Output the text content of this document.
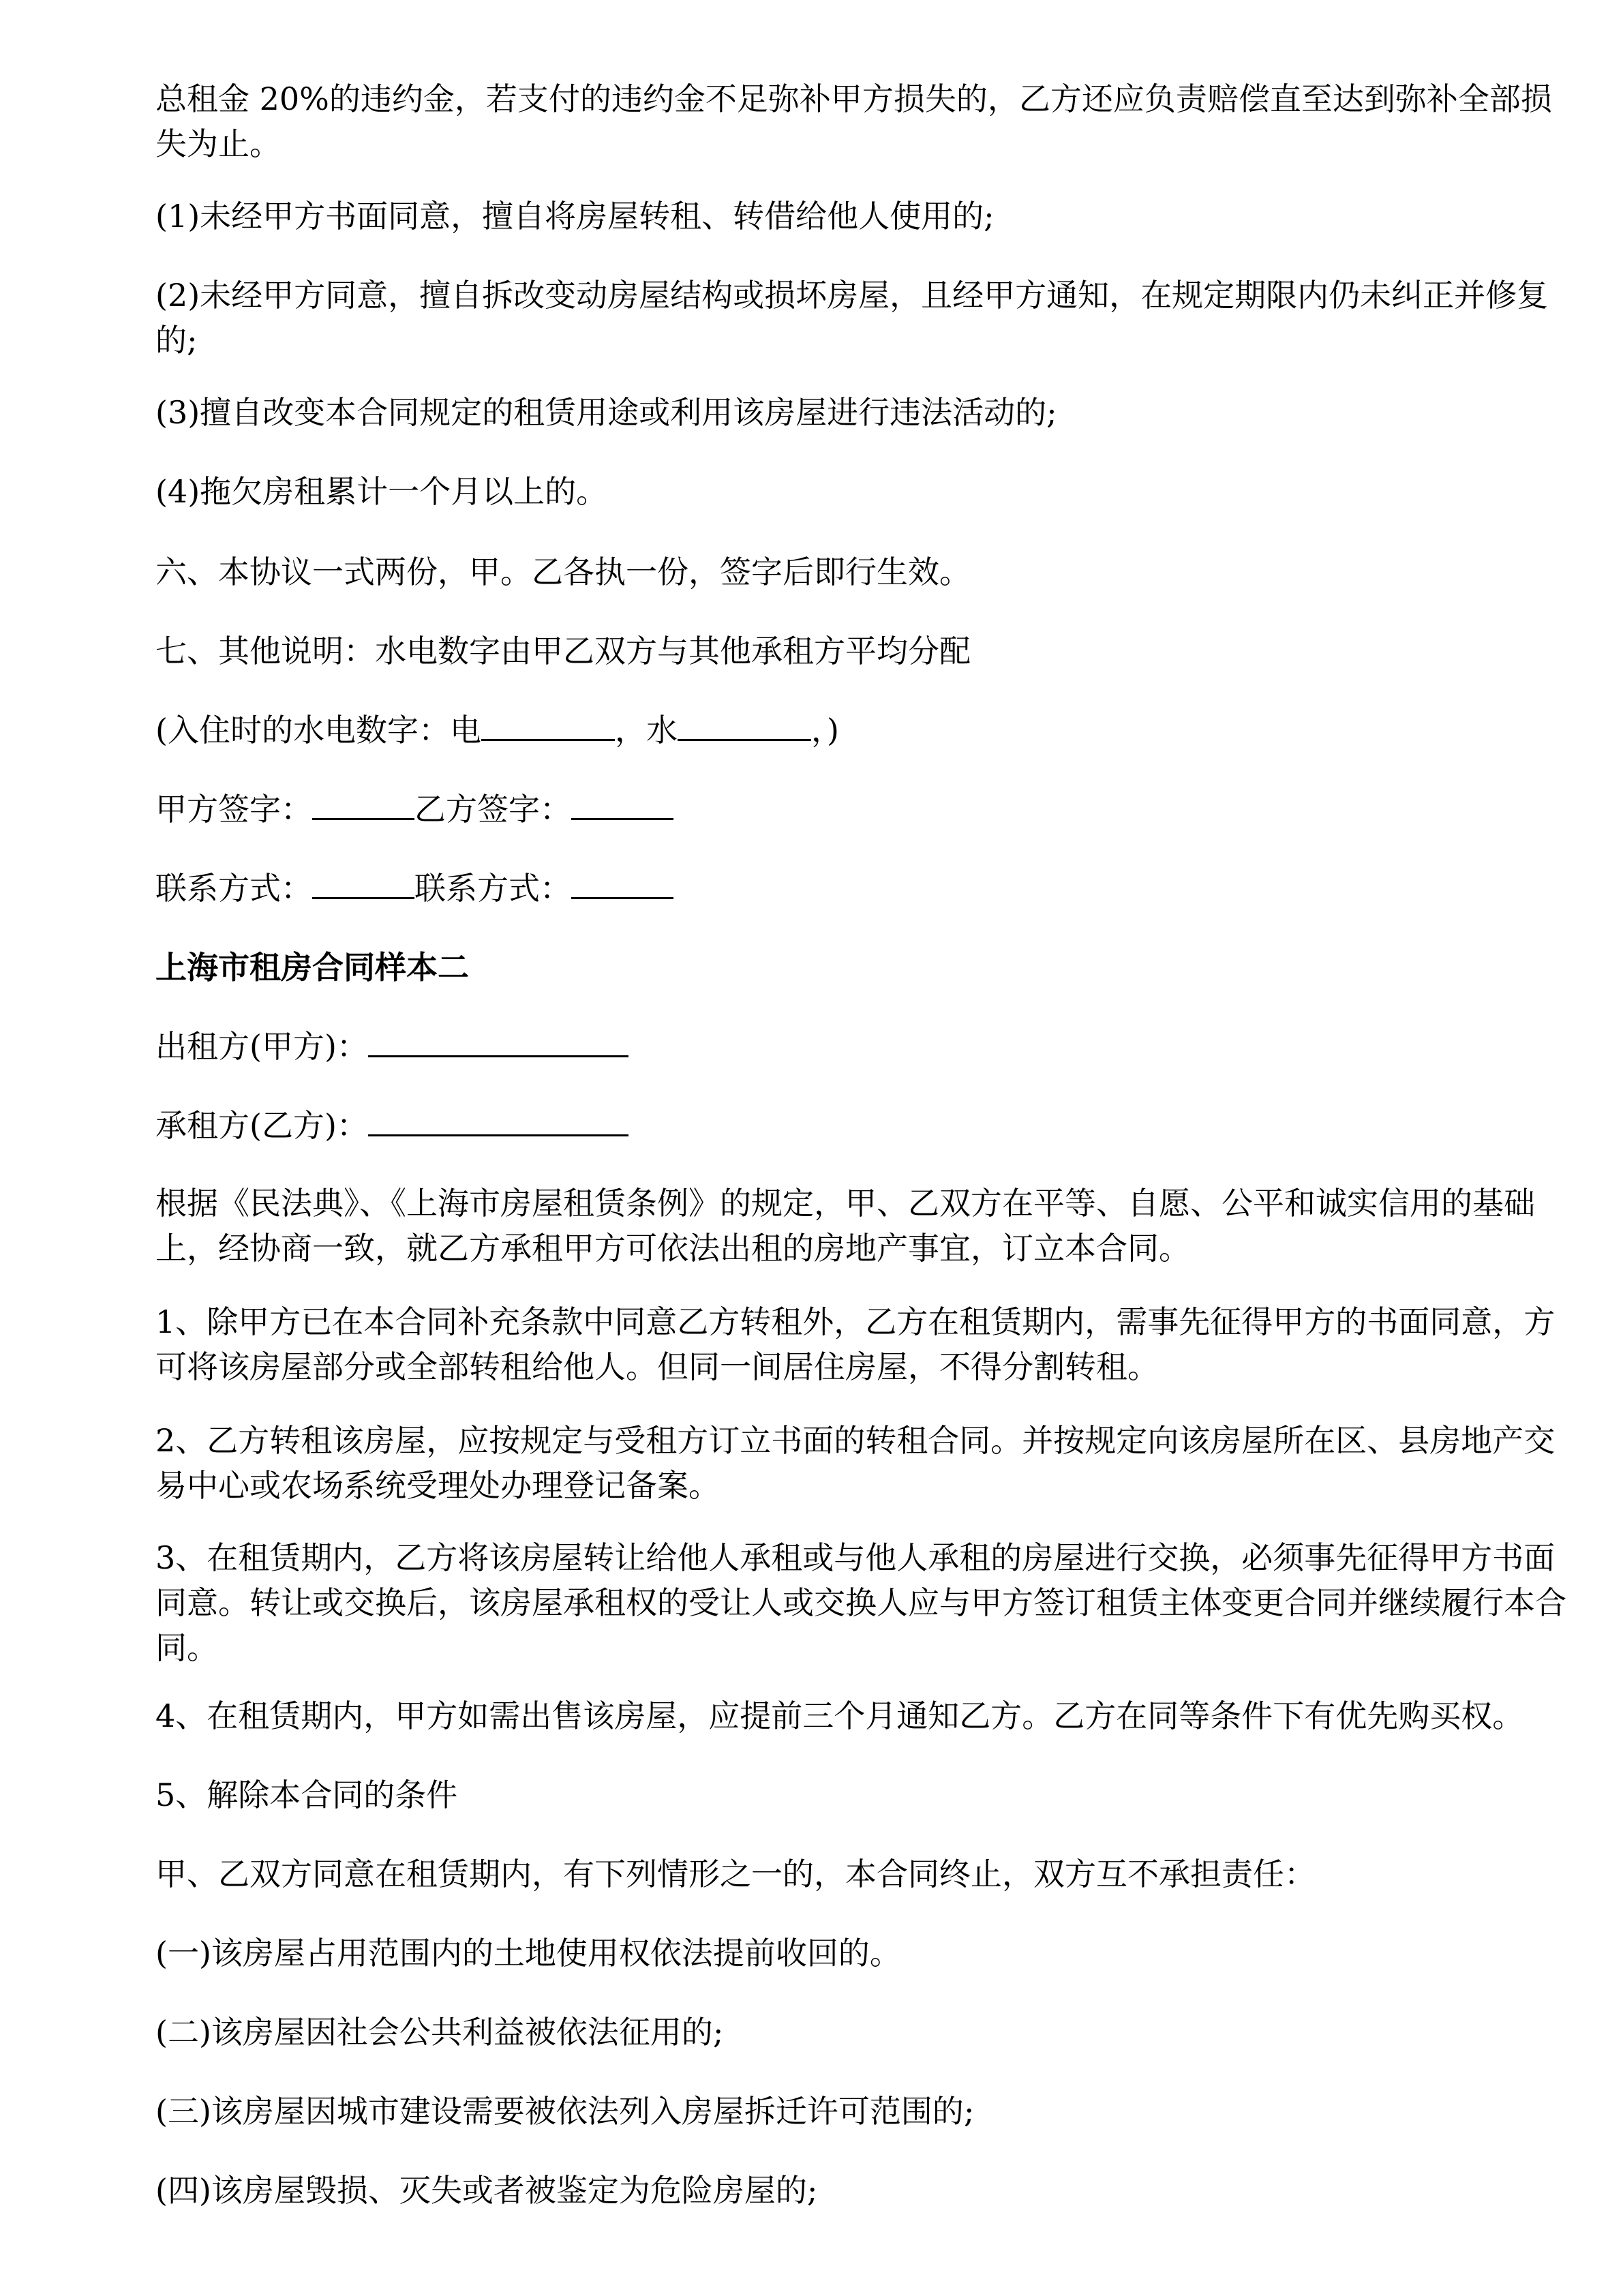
总租金 20%的违约金，若支付的违约金不足弥补甲方损失的，乙方还应负责赔偿直至达到弥补全部损失为止。

(1)未经甲方书面同意，擅自将房屋转租、转借给他人使用的;

(2)未经甲方同意，擅自拆改变动房屋结构或损坏房屋，且经甲方通知，在规定期限内仍未纠正并修复的;

(3)擅自改变本合同规定的租赁用途或利用该房屋进行违法活动的;

(4)拖欠房租累计一个月以上的。

六、本协议一式两份，甲。乙各执一份，签字后即行生效。

七、其他说明：水电数字由甲乙双方与其他承租方平均分配

(入住时的水电数字：电	，水	，)

甲方签字：	乙方签字：

联系方式：	联系方式：

上海市租房合同样本二

出租方(甲方)：

承租方(乙方)：

根据《民法典》、《上海市房屋租赁条例》的规定，甲、乙双方在平等、自愿、公平和诚实信用的基础上，经协商一致，就乙方承租甲方可依法出租的房地产事宜，订立本合同。

1、除甲方已在本合同补充条款中同意乙方转租外，乙方在租赁期内，需事先征得甲方的书面同意，方可将该房屋部分或全部转租给他人。但同一间居住房屋，不得分割转租。

2、乙方转租该房屋，应按规定与受租方订立书面的转租合同。并按规定向该房屋所在区、县房地产交易中心或农场系统受理处办理登记备案。

3、在租赁期内，乙方将该房屋转让给他人承租或与他人承租的房屋进行交换，必须事先征得甲方书面同意。转让或交换后，该房屋承租权的受让人或交换人应与甲方签订租赁主体变更合同并继续履行本合同。

4、在租赁期内，甲方如需出售该房屋，应提前三个月通知乙方。乙方在同等条件下有优先购买权。

5、解除本合同的条件

甲、乙双方同意在租赁期内，有下列情形之一的，本合同终止，双方互不承担责任：

(一)该房屋占用范围内的土地使用权依法提前收回的。

(二)该房屋因社会公共利益被依法征用的;

(三)该房屋因城市建设需要被依法列入房屋拆迁许可范围的;

(四)该房屋毁损、灭失或者被鉴定为危险房屋的;
